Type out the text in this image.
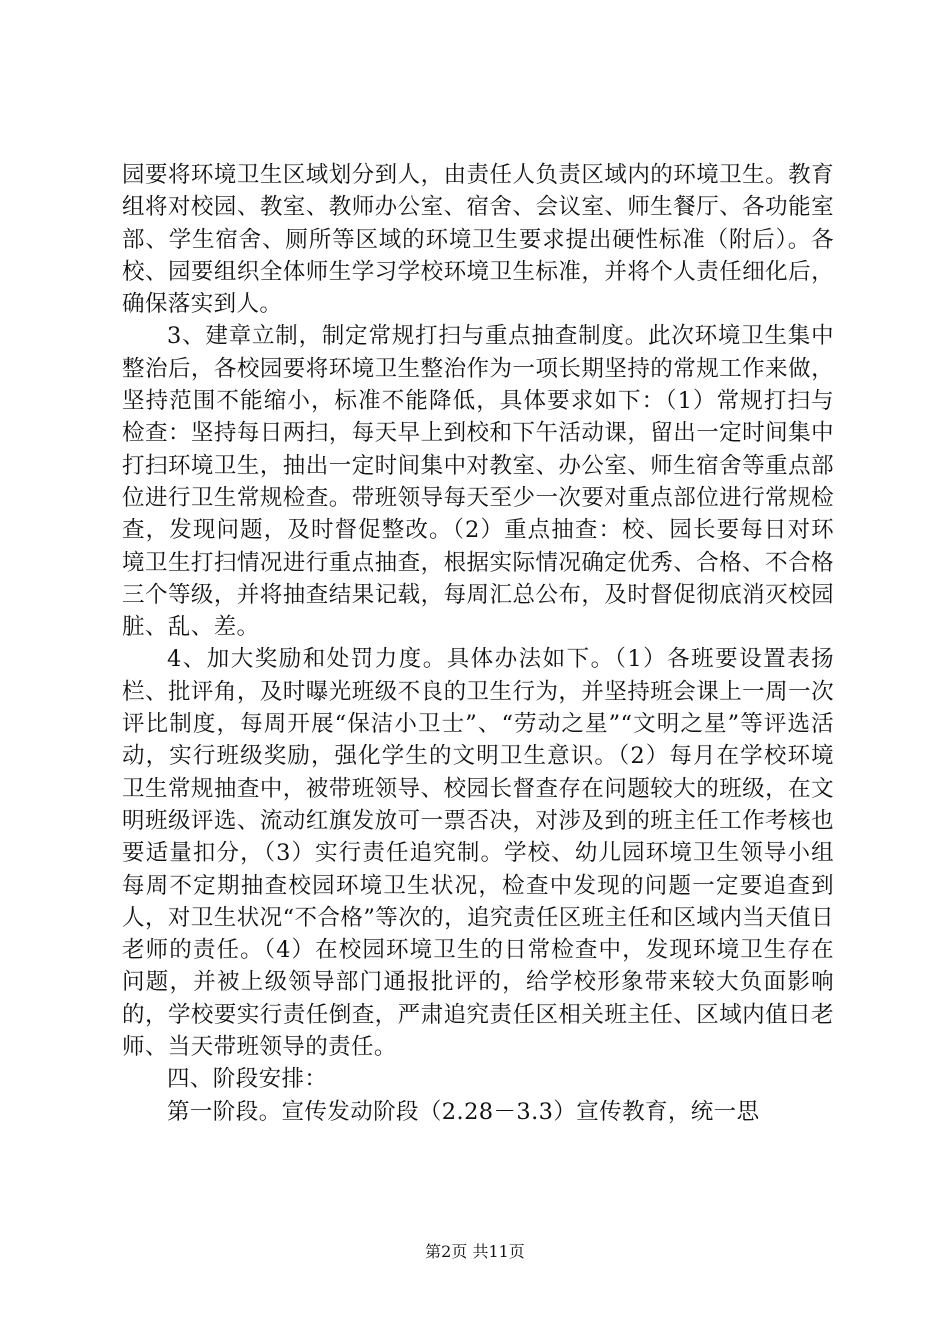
园要将环境卫生区域划分到人，由责任人负责区域内的环境卫生。教育组将对校园、教室、教师办公室、宿舍、会议室、师生餐厅、各功能室部、学生宿舍、厕所等区域的环境卫生要求提出硬性标准（附后）。各校、园要组织全体师生学习学校环境卫生标准，并将个人责任细化后，确保落实到人。

3、建章立制，制定常规打扫与重点抽查制度。此次环境卫生集中整治后，各校园要将环境卫生整治作为一项长期坚持的常规工作来做，坚持范围不能缩小，标准不能降低，具体要求如下：（1）常规打扫与检查：坚持每日两扫，每天早上到校和下午活动课，留出一定时间集中打扫环境卫生，抽出一定时间集中对教室、办公室、师生宿舍等重点部位进行卫生常规检查。带班领导每天至少一次要对重点部位进行常规检查，发现问题，及时督促整改。（2）重点抽查：校、园长要每日对环境卫生打扫情况进行重点抽查，根据实际情况确定优秀、合格、不合格三个等级，并将抽查结果记载，每周汇总公布，及时督促彻底消灭校园脏、乱、差。

4、加大奖励和处罚力度。具体办法如下。（1）各班要设置表扬栏、批评角，及时曝光班级不良的卫生行为，并坚持班会课上一周一次评比制度，每周开展“保洁小卫士”、“劳动之星”“文明之星”等评选活动，实行班级奖励，强化学生的文明卫生意识。（2）每月在学校环境卫生常规抽查中，被带班领导、校园长督查存在问题较大的班级，在文明班级评选、流动红旗发放可一票否决，对涉及到的班主任工作考核也要适量扣分，（3）实行责任追究制。学校、幼儿园环境卫生领导小组每周不定期抽查校园环境卫生状况，检查中发现的问题一定要追查到人，对卫生状况“不合格”等次的，追究责任区班主任和区域内当天值日老师的责任。（4）在校园环境卫生的日常检查中，发现环境卫生存在问题，并被上级领导部门通报批评的，给学校形象带来较大负面影响的，学校要实行责任倒查，严肃追究责任区相关班主任、区域内值日老师、当天带班领导的责任。

四、阶段安排：

第一阶段。宣传发动阶段（2.28－3.3）宣传教育，统一思

第2页 共11页
